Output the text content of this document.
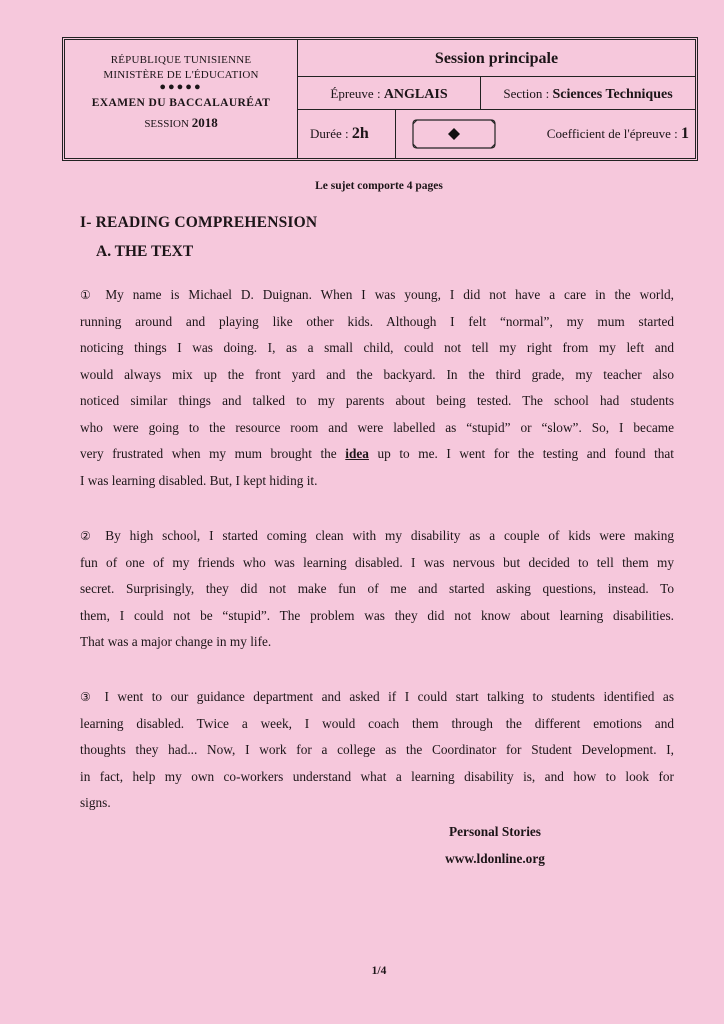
RÉPUBLIQUE TUNISIENNE
MINISTÈRE DE L'ÉDUCATION
●●●●●
EXAMEN DU BACCALAURÉAT
SESSION 2018
Session principale
Épreuve : ANGLAIS	Section : Sciences Techniques
Durée : 2h	Coefficient de l'épreuve : 1
Le sujet comporte 4 pages
I- READING COMPREHENSION
A. THE TEXT
① My name is Michael D. Duignan. When I was young, I did not have a care in the world,
running around and playing like other kids. Although I felt “normal”, my mum started
noticing things I was doing. I, as a small child, could not tell my right from my left and
would always mix up the front yard and the backyard. In the third grade, my teacher also
noticed similar things and talked to my parents about being tested. The school had students
who were going to the resource room and were labelled as “stupid” or “slow”. So, I became
very frustrated when my mum brought the idea up to me. I went for the testing and found that
I was learning disabled. But, I kept hiding it.
② By high school, I started coming clean with my disability as a couple of kids were making
fun of one of my friends who was learning disabled. I was nervous but decided to tell them my
secret. Surprisingly, they did not make fun of me and started asking questions, instead. To
them, I could not be “stupid”. The problem was they did not know about learning disabilities.
That was a major change in my life.
③ I went to our guidance department and asked if I could start talking to students identified as
learning disabled. Twice a week, I would coach them through the different emotions and
thoughts they had... Now, I work for a college as the Coordinator for Student Development. I,
in fact, help my own co-workers understand what a learning disability is, and how to look for
signs.
Personal Stories
www.ldonline.org
1/4
